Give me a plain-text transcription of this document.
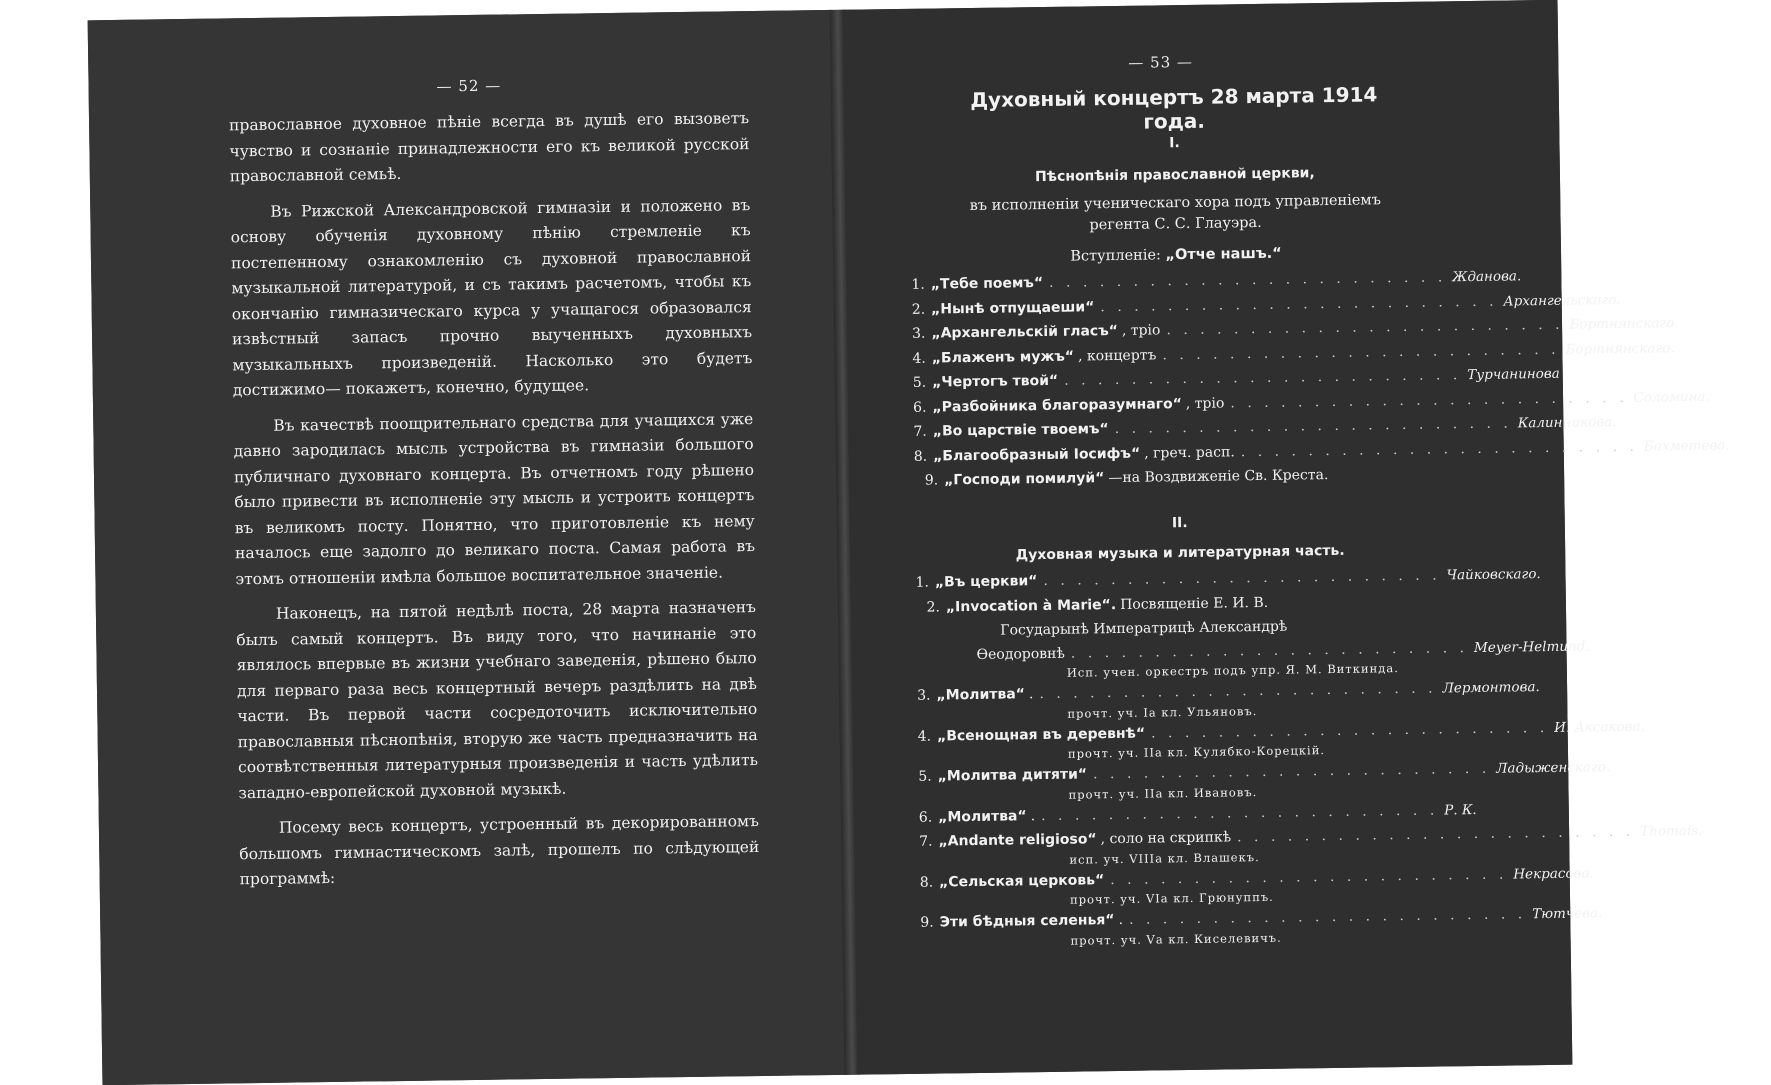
— 52 —

православное духовное пѣніе всегда въ душѣ его вызоветъ чувство и сознаніе принадлежности его къ великой русской православной семьѣ.

Въ Рижской Александровской гимназіи и положено въ основу обученія духовному пѣнію стремленіе къ постепенному ознакомленію съ духовной православной музыкальной литературой, и съ такимъ расчетомъ, чтобы къ окончанію гимназическаго курса у учащагося образовался извѣстный запасъ прочно выученныхъ духовныхъ музыкальныхъ произведеній. Насколько это будетъ достижимо— покажетъ, конечно, будущее.

Въ качествѣ поощрительнаго средства для учащихся уже давно зародилась мысль устройства въ гимназіи большого публичнаго духовнаго концерта. Въ отчетномъ году рѣшено было привести въ исполненіе эту мысль и устроить концертъ въ великомъ посту. Понятно, что приготовленіе къ нему началось еще задолго до великаго поста. Самая работа въ этомъ отношеніи имѣла большое воспитательное значеніе.

Наконецъ, на пятой недѣлѣ поста, 28 марта назначенъ былъ самый концертъ. Въ виду того, что начинаніе это являлось впервые въ жизни учебнаго заведенія, рѣшено было для перваго раза весь концертный вечеръ раздѣлить на двѣ части. Въ первой части сосредоточить исключительно православныя пѣснопѣнія, вторую же часть предназначить на соотвѣтственныя литературныя произведенія и часть удѣлить западно-европейской духовной музыкѣ.

Посему весь концертъ, устроенный въ декорированномъ большомъ гимнастическомъ залѣ, прошелъ по слѣдующей программѣ:

— 53 —
Духовный концертъ 28 марта 1914 года.
I.
Пѣснопѣнія православной церкви,
въ исполненіи ученическаго хора подъ управленіемъ регента С. С. Глауэра.
Вступленіе: „Отче нашъ.“
1. „Тебе поемъ“ . . . . . . . . . . . . . . . . . . . . . . . . Жданова.
2. „Нынѣ отпущаеши“ . . . . . . . . . . . . . . . . . . . . . . . . Архангельскаго.
3. „Архангельскій гласъ“ , тріо . . . . . . . . . . . . . . . . . . . . . . . . Бортнянскаго.
4. „Блаженъ мужъ“ , концертъ . . . . . . . . . . . . . . . . . . . . . . . . Бортнянскаго.
5. „Чертогъ твой“ . . . . . . . . . . . . . . . . . . . . . . . . Турчанинова
6. „Разбойника благоразумнаго“ , тріо . . . . . . . . . . . . . . . . . . . . . . . . Соломина.
7. „Во царствіе твоемъ“ . . . . . . . . . . . . . . . . . . . . . . . . Калинникова.
8. „Благообразный Іосифъ“ , греч. расп. . . . . . . . . . . . . . . . . . . . . . . . . Бахметева.
9. „Господи помилуй“ —на Воздвиженіе Св. Креста.
II.
Духовная музыка и литературная часть.
1. „Въ церкви“ . . . . . . . . . . . . . . . . . . . . . . . . Чайковскаго.
2. „Invocation à Marie“. Посвященіе Е. И. В.
Государынѣ Императрицѣ Александрѣ
Ѳеодоровнѣ . . . . . . . . . . . . . . . . . . . . . . . . Meyer-Helmund.
Исп. учен. оркестръ подъ упр. Я. М. Виткинда.
3. „Молитва“ . . . . . . . . . . . . . . . . . . . . . . . . . Лермонтова.
прочт. уч. Іа кл. Ульяновъ.
4. „Всенощная въ деревнѣ“ . . . . . . . . . . . . . . . . . . . . . . . . И. Аксакова.
прочт. уч. IIа кл. Кулябко-Корецкій.
5. „Молитва дитяти“ . . . . . . . . . . . . . . . . . . . . . . . . Ладыженскаго.
прочт. уч. IIа кл. Ивановъ.
6. „Молитва“ . . . . . . . . . . . . . . . . . . . . . . . . . Р. К.
7. „Andante religioso“ , соло на скрипкѣ . . . . . . . . . . . . . . . . . . . . . . . . Thomais.
исп. уч. VIIIа кл. Влашекъ.
8. „Сельская церковь“ . . . . . . . . . . . . . . . . . . . . . . . . Некрасова.
прочт. уч. VIа кл. Грюнуппъ.
9. Эти бѣдныя селенья“ . . . . . . . . . . . . . . . . . . . . . . . . . Тютчева.
прочт. уч. Vа кл. Киселевичъ.
